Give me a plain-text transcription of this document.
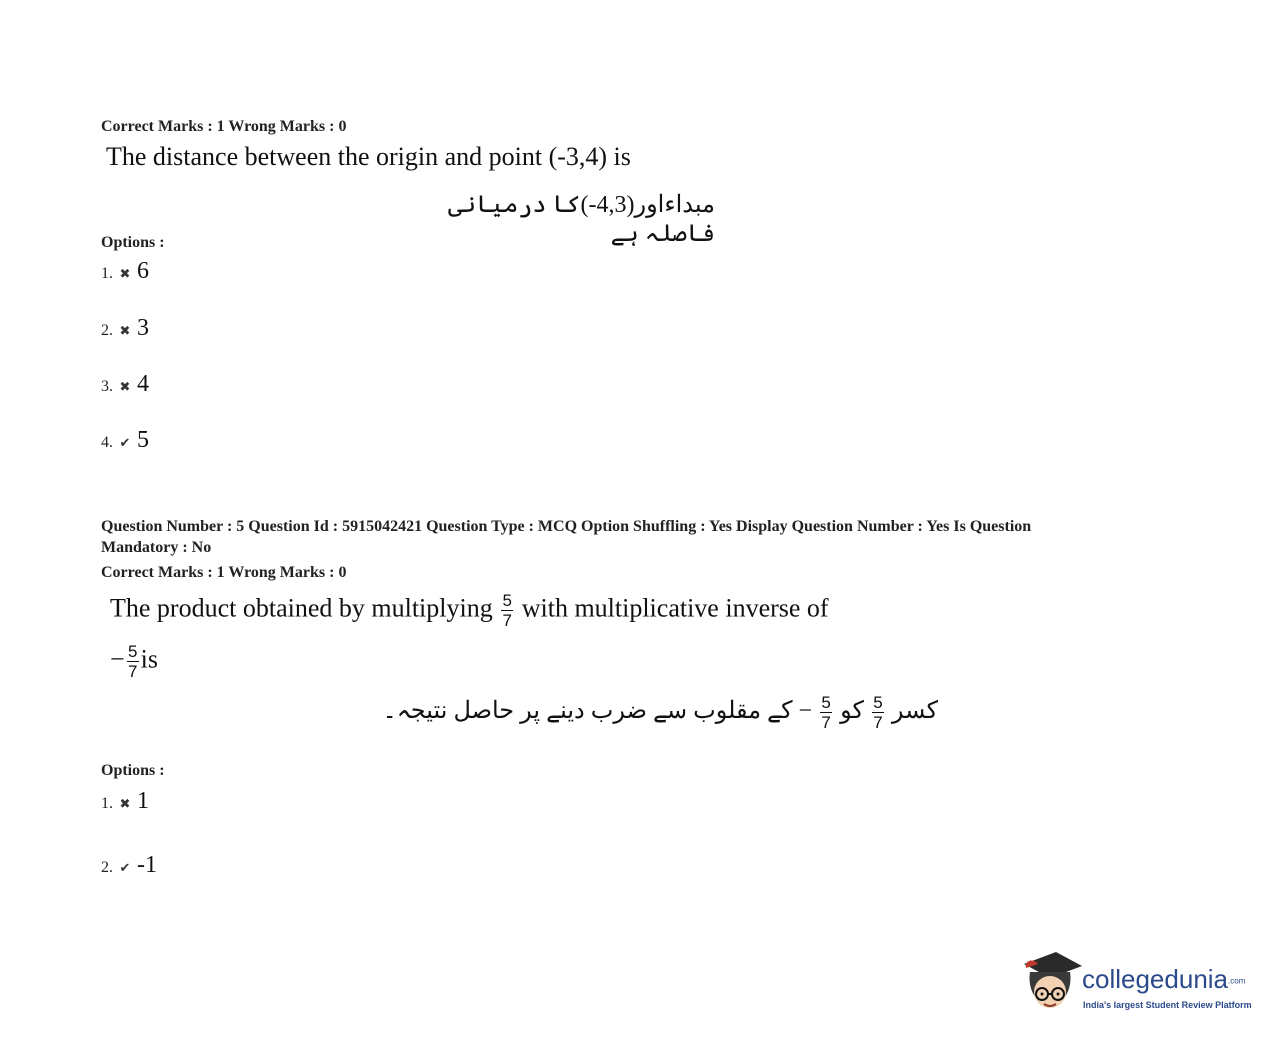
Correct Marks : 1 Wrong Marks : 0
The distance between the origin and point (-3,4) is
مبداءاور(4,3-)کا درمیانی فاصلہ ہے
Options :
1. ✖ 6
2. ✖ 3
3. ✖ 4
4. ✔ 5
Question Number : 5 Question Id : 5915042421 Question Type : MCQ Option Shuffling : Yes Display Question Number : Yes Is Question
Mandatory : No
Correct Marks : 1 Wrong Marks : 0
The product obtained by multiplying $\frac{5}{7}$ with multiplicative inverse of
− $\frac{5}{7}$ is
کسر
$\frac{5}{7}$
کو
$\frac{5}{7}$
− کے مقلوب سے ضرب دینے پر حاصل نتیجہ۔
Options :
1. ✖ 1
2. ✔ -1
collegedunia.com
India's largest Student Review Platform
